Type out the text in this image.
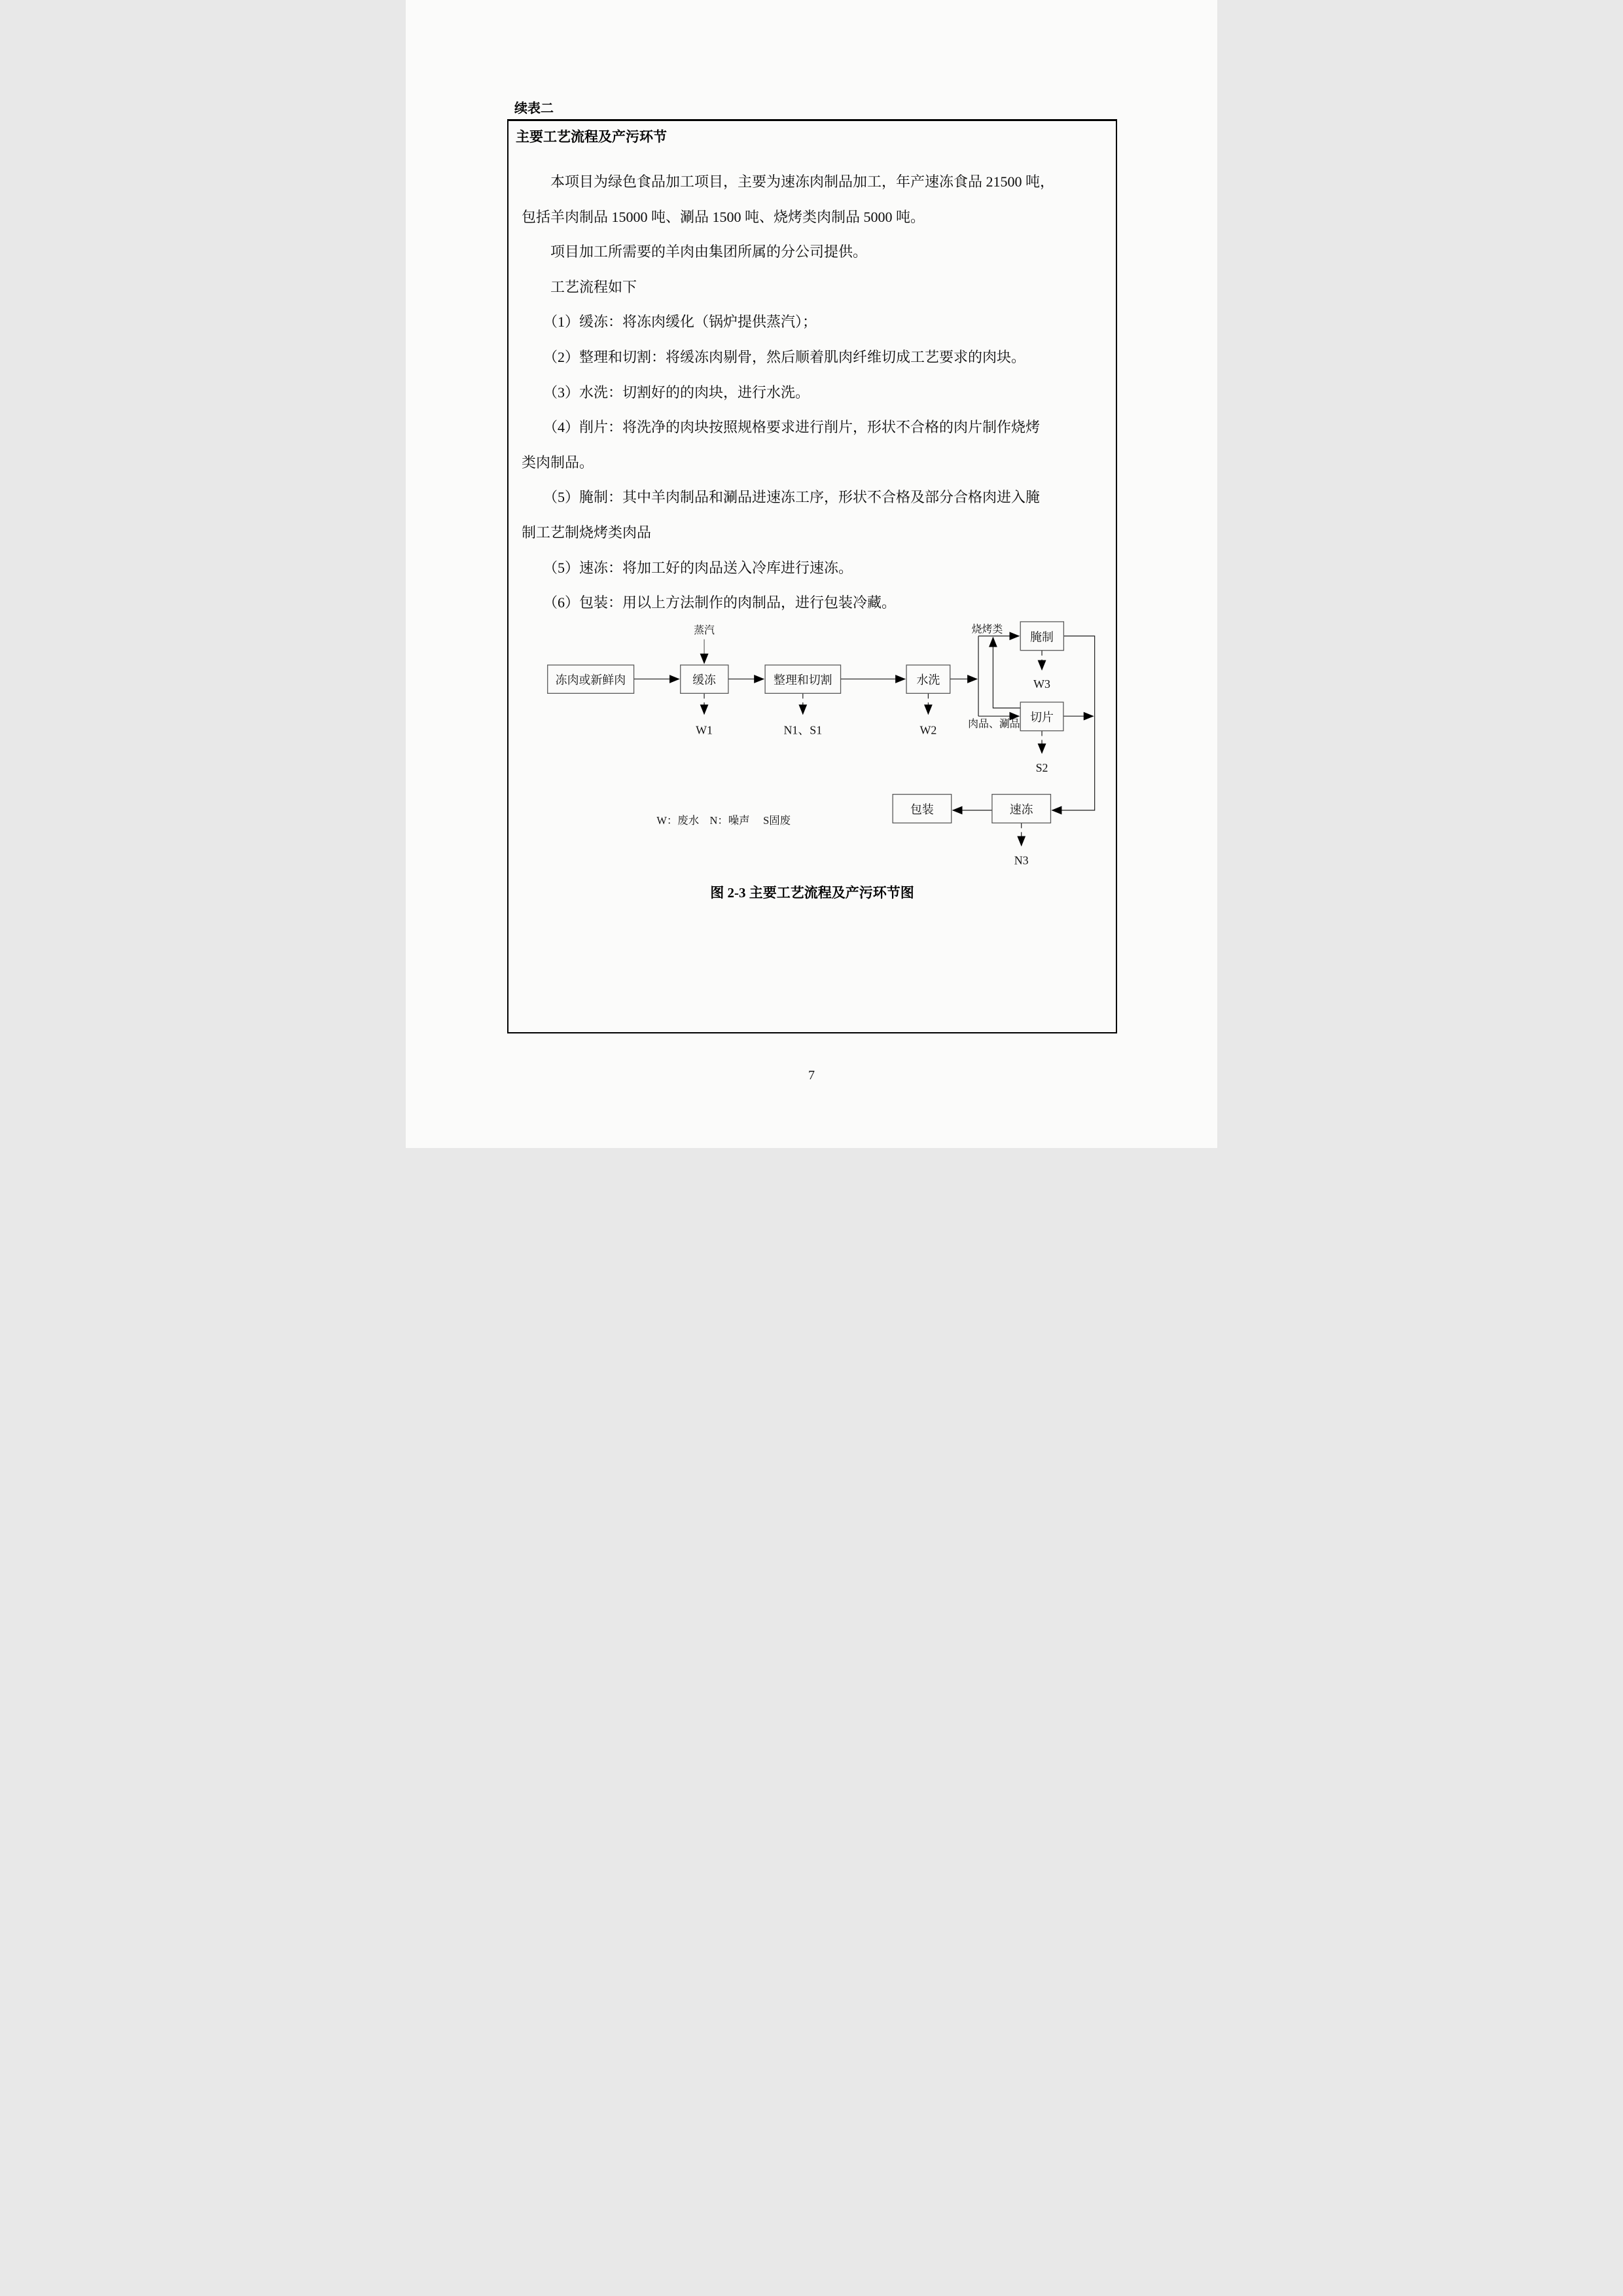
续表二
主要工艺流程及产污环节
　　本项目为绿色食品加工项目，主要为速冻肉制品加工，年产速冻食品 21500 吨，
包括羊肉制品 15000 吨、涮品 1500 吨、烧烤类肉制品 5000 吨。
　　项目加工所需要的羊肉由集团所属的分公司提供。
　　工艺流程如下
　　（1）缓冻：将冻肉缓化（锅炉提供蒸汽）；
　　（2）整理和切割：将缓冻肉剔骨，然后顺着肌肉纤维切成工艺要求的肉块。
　　（3）水洗：切割好的的肉块，进行水洗。
　　（4）削片：将洗净的肉块按照规格要求进行削片，形状不合格的肉片制作烧烤
类肉制品。
　　（5）腌制：其中羊肉制品和涮品进速冻工序，形状不合格及部分合格肉进入腌
制工艺制烧烤类肉品
　　（5）速冻：将加工好的肉品送入冷库进行速冻。
　　（6）包装：用以上方法制作的肉制品，进行包装冷藏。
蒸汽	烧烤类
肉品、涮品
W1	N1、S1	W2
W3
S2
N3
冻肉或新鲜肉	缓冻 整理和切割	水洗
腌制
切片
包装	速冻
W：废水　N：噪声　 S固废
图 2-3 主要工艺流程及产污环节图
7
